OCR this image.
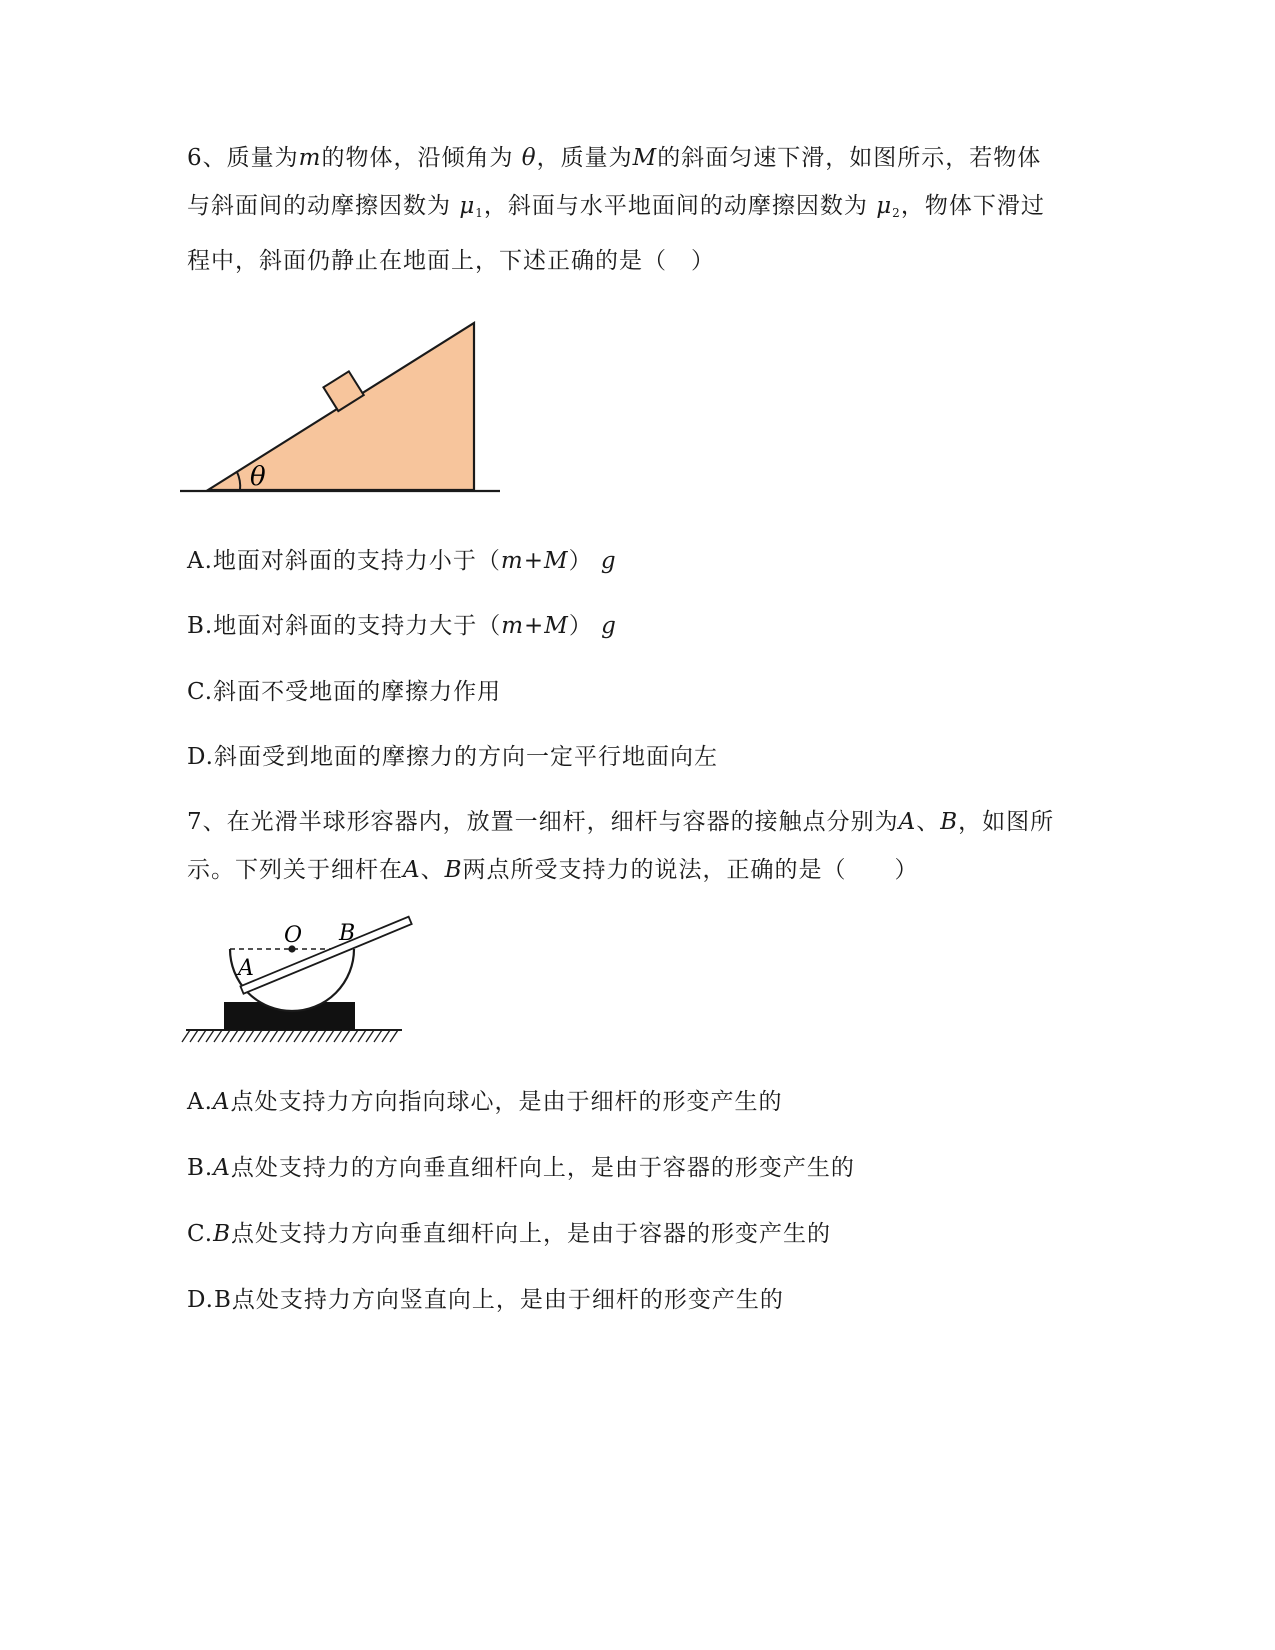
6、质量为m的物体，沿倾角为 θ，质量为M的斜面匀速下滑，如图所示，若物体
与斜面间的动摩擦因数为 $\mu_1$，斜面与水平地面间的动摩擦因数为 $\mu_2$，物体下滑过
程中，斜面仍静止在地面上，下述正确的是（　）
θ
A.地面对斜面的支持力小于（m+M） g
B.地面对斜面的支持力大于（m+M） g
C.斜面不受地面的摩擦力作用
D.斜面受到地面的摩擦力的方向一定平行地面向左
7、在光滑半球形容器内，放置一细杆，细杆与容器的接触点分别为A、B，如图所
示。下列关于细杆在A、B两点所受支持力的说法，正确的是（　　）
O B
A
A.A点处支持力方向指向球心，是由于细杆的形变产生的
B.A点处支持力的方向垂直细杆向上，是由于容器的形变产生的
C.B点处支持力方向垂直细杆向上，是由于容器的形变产生的
D.B点处支持力方向竖直向上，是由于细杆的形变产生的
